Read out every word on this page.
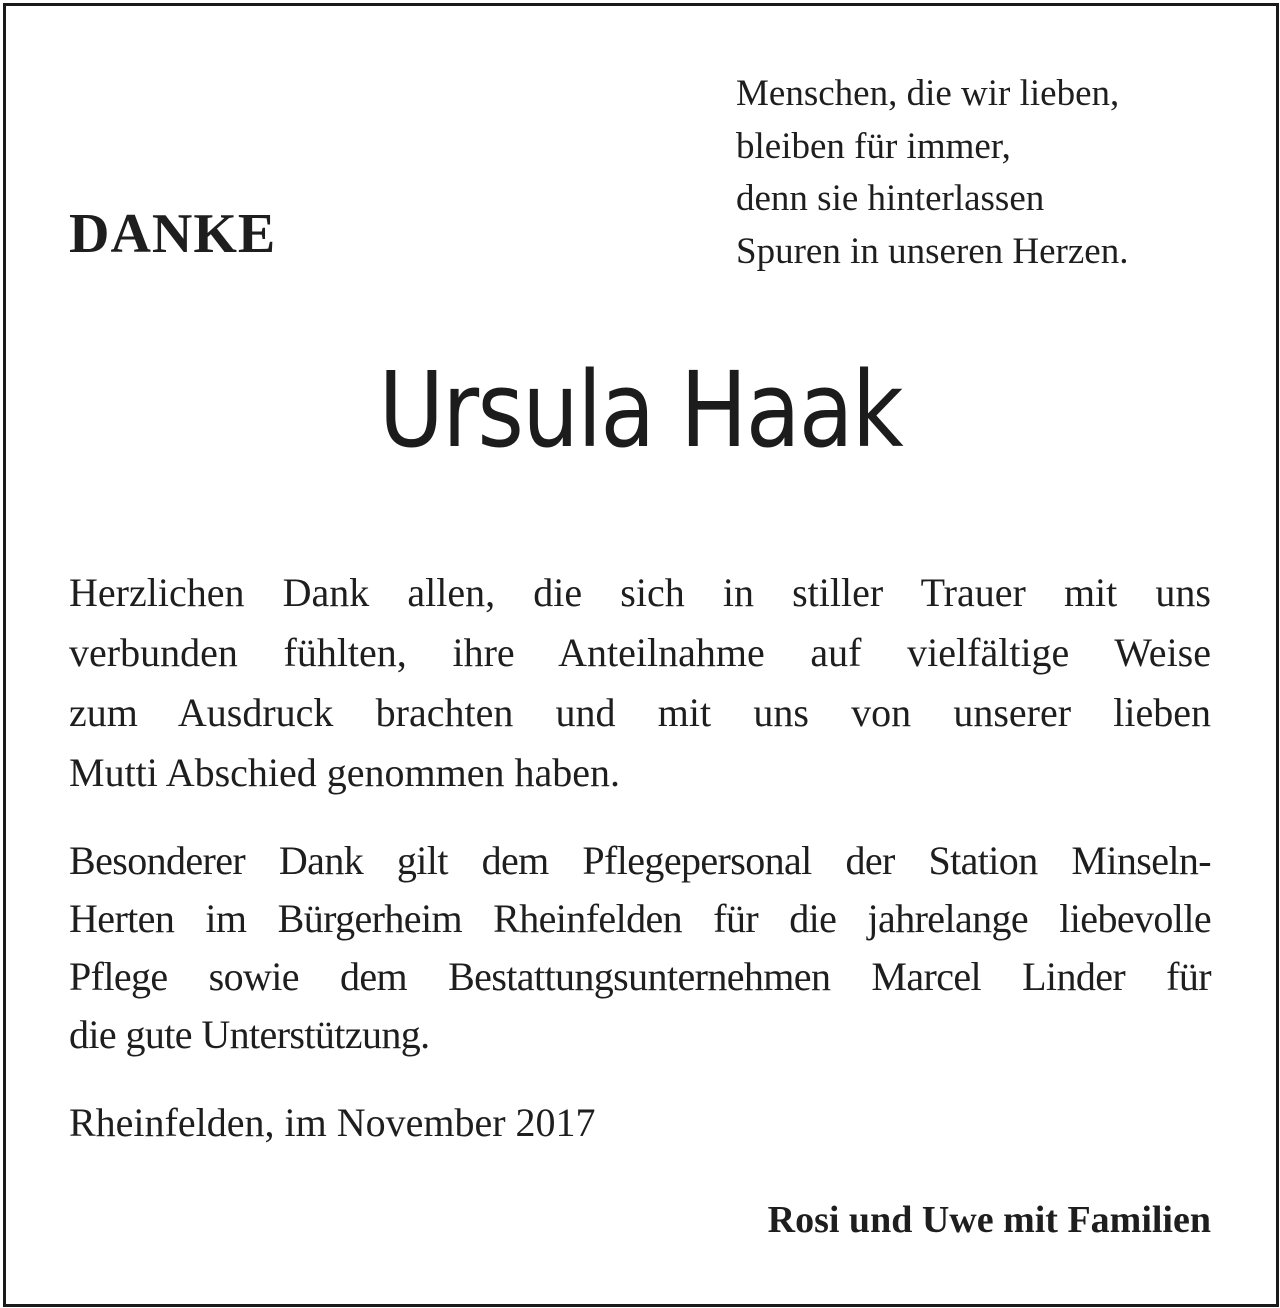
DANKE
Menschen, die wir lieben,
bleiben für immer,
denn sie hinterlassen
Spuren in unseren Herzen.
Ursula Haak
Herzlichen Dank allen, die sich in stiller Trauer mit uns
verbunden fühlten, ihre Anteilnahme auf vielfältige Weise
zum Ausdruck brachten und mit uns von unserer lieben
Mutti Abschied genommen haben.
Besonderer Dank gilt dem Pflegepersonal der Station Minseln-
Herten im Bürgerheim Rheinfelden für die jahrelange liebevolle
Pflege sowie dem Bestattungsunternehmen Marcel Linder für
die gute Unterstützung.
Rheinfelden, im November 2017
Rosi und Uwe mit Familien
